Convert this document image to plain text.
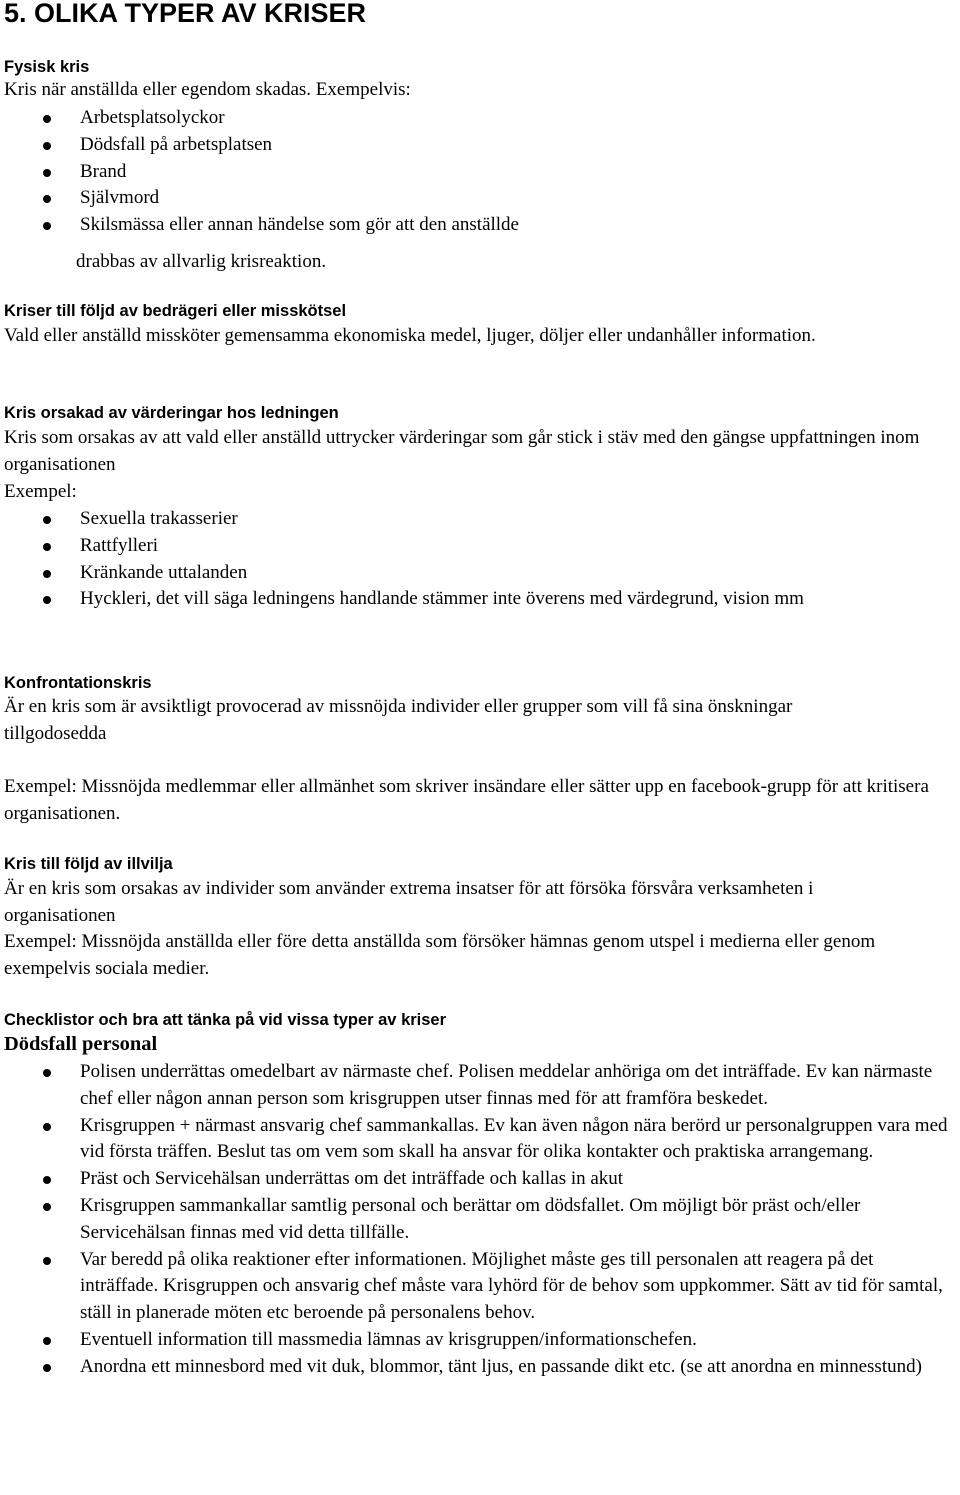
5. OLIKA TYPER AV KRISER
Fysisk kris
Kris när anställda eller egendom skadas. Exempelvis:
Arbetsplatsolyckor
Dödsfall på arbetsplatsen
Brand
Självmord
Skilsmässa eller annan händelse som gör att den anställde
drabbas av allvarlig krisreaktion.
Kriser till följd av bedrägeri eller misskötsel
Vald eller anställd missköter gemensamma ekonomiska medel, ljuger, döljer eller undanhåller information.
Kris orsakad av värderingar hos ledningen
Kris som orsakas av att vald eller anställd uttrycker värderingar som går stick i stäv med den gängse uppfattningen inom organisationen
Exempel:
Sexuella trakasserier
Rattfylleri
Kränkande uttalanden
Hyckleri, det vill säga ledningens handlande stämmer inte överens med värdegrund, vision mm
Konfrontationskris
Är en kris som är avsiktligt provocerad av missnöjda individer eller grupper som vill få sina önskningar tillgodosedda
Exempel: Missnöjda medlemmar eller allmänhet som skriver insändare eller sätter upp en facebook-grupp för att kritisera organisationen.
Kris till följd av illvilja
Är en kris som orsakas av individer som använder extrema insatser för att försöka försvåra verksamheten i organisationen
Exempel: Missnöjda anställda eller före detta anställda som försöker hämnas genom utspel i medierna eller genom exempelvis sociala medier.
Checklistor och bra att tänka på vid vissa typer av kriser
Dödsfall personal
Polisen underrättas omedelbart av närmaste chef. Polisen meddelar anhöriga om det inträffade. Ev kan närmaste chef eller någon annan person som krisgruppen utser finnas med för att framföra beskedet.
Krisgruppen + närmast ansvarig chef sammankallas. Ev kan även någon nära berörd ur personalgruppen vara med vid första träffen. Beslut tas om vem som skall ha ansvar för olika kontakter och praktiska arrangemang.
Präst och Servicehälsan underrättas om det inträffade och kallas in akut
Krisgruppen sammankallar samtlig personal och berättar om dödsfallet. Om möjligt bör präst och/eller Servicehälsan finnas med vid detta tillfälle.
Var beredd på olika reaktioner efter informationen. Möjlighet måste ges till personalen att reagera på det inträffade. Krisgruppen och ansvarig chef måste vara lyhörd för de behov som uppkommer. Sätt av tid för samtal, ställ in planerade möten etc beroende på personalens behov.
Eventuell information till massmedia lämnas av krisgruppen/informationschefen.
Anordna ett minnesbord med vit duk, blommor, tänt ljus, en passande dikt etc. (se att anordna en minnesstund)
